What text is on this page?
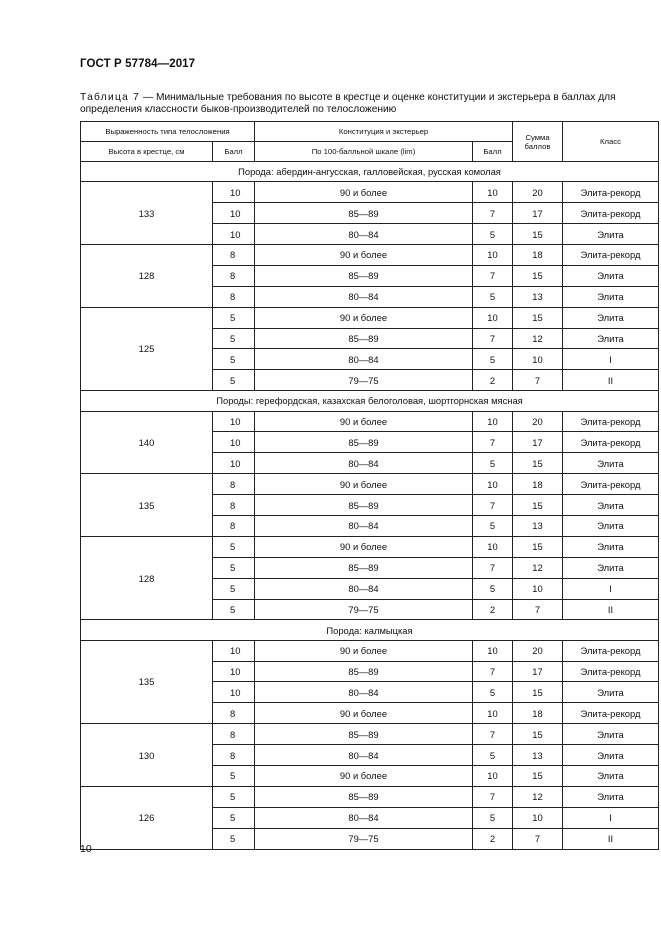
ГОСТ Р 57784—2017
Таблица 7 — Минимальные требования по высоте в крестце и оценке конституции и экстерьера в баллах для определения классности быков-производителей по телосложению
Выраженность типа телосложения		Конституция и экстерьер		Сумма баллов	Класс
Высота в крестце, см	Балл	По 100-балльной шкале (lim)	Балл		
Порода: абердин-ангусская, галловейская, русская комолая					
133	10	90 и более	10	20	Элита-рекорд
	10	85—89	7	17	Элита-рекорд
	10	80—84	5	15	Элита
128	8	90 и более	10	18	Элита-рекорд
	8	85—89	7	15	Элита
	8	80—84	5	13	Элита
125	5	90 и более	10	15	Элита
	5	85—89	7	12	Элита
	5	80—84	5	10	I
	5	79—75	2	7	II
Породы: герефордская, казахская белоголовая, шортгорнская мясная					
140	10	90 и более	10	20	Элита-рекорд
	10	85—89	7	17	Элита-рекорд
	10	80—84	5	15	Элита
135	8	90 и более	10	18	Элита-рекорд
	8	85—89	7	15	Элита
	8	80—84	5	13	Элита
128	5	90 и более	10	15	Элита
	5	85—89	7	12	Элита
	5	80—84	5	10	I
	5	79—75	2	7	II
Порода: калмыцкая					
135	10	90 и более	10	20	Элита-рекорд
	10	85—89	7	17	Элита-рекорд
	10	80—84	5	15	Элита
	8	90 и более	10	18	Элита-рекорд
130	8	85—89	7	15	Элита
	8	80—84	5	13	Элита
	5	90 и более	10	15	Элита
126	5	85—89	7	12	Элита
	5	80—84	5	10	I
	5	79—75	2	7	II
10
